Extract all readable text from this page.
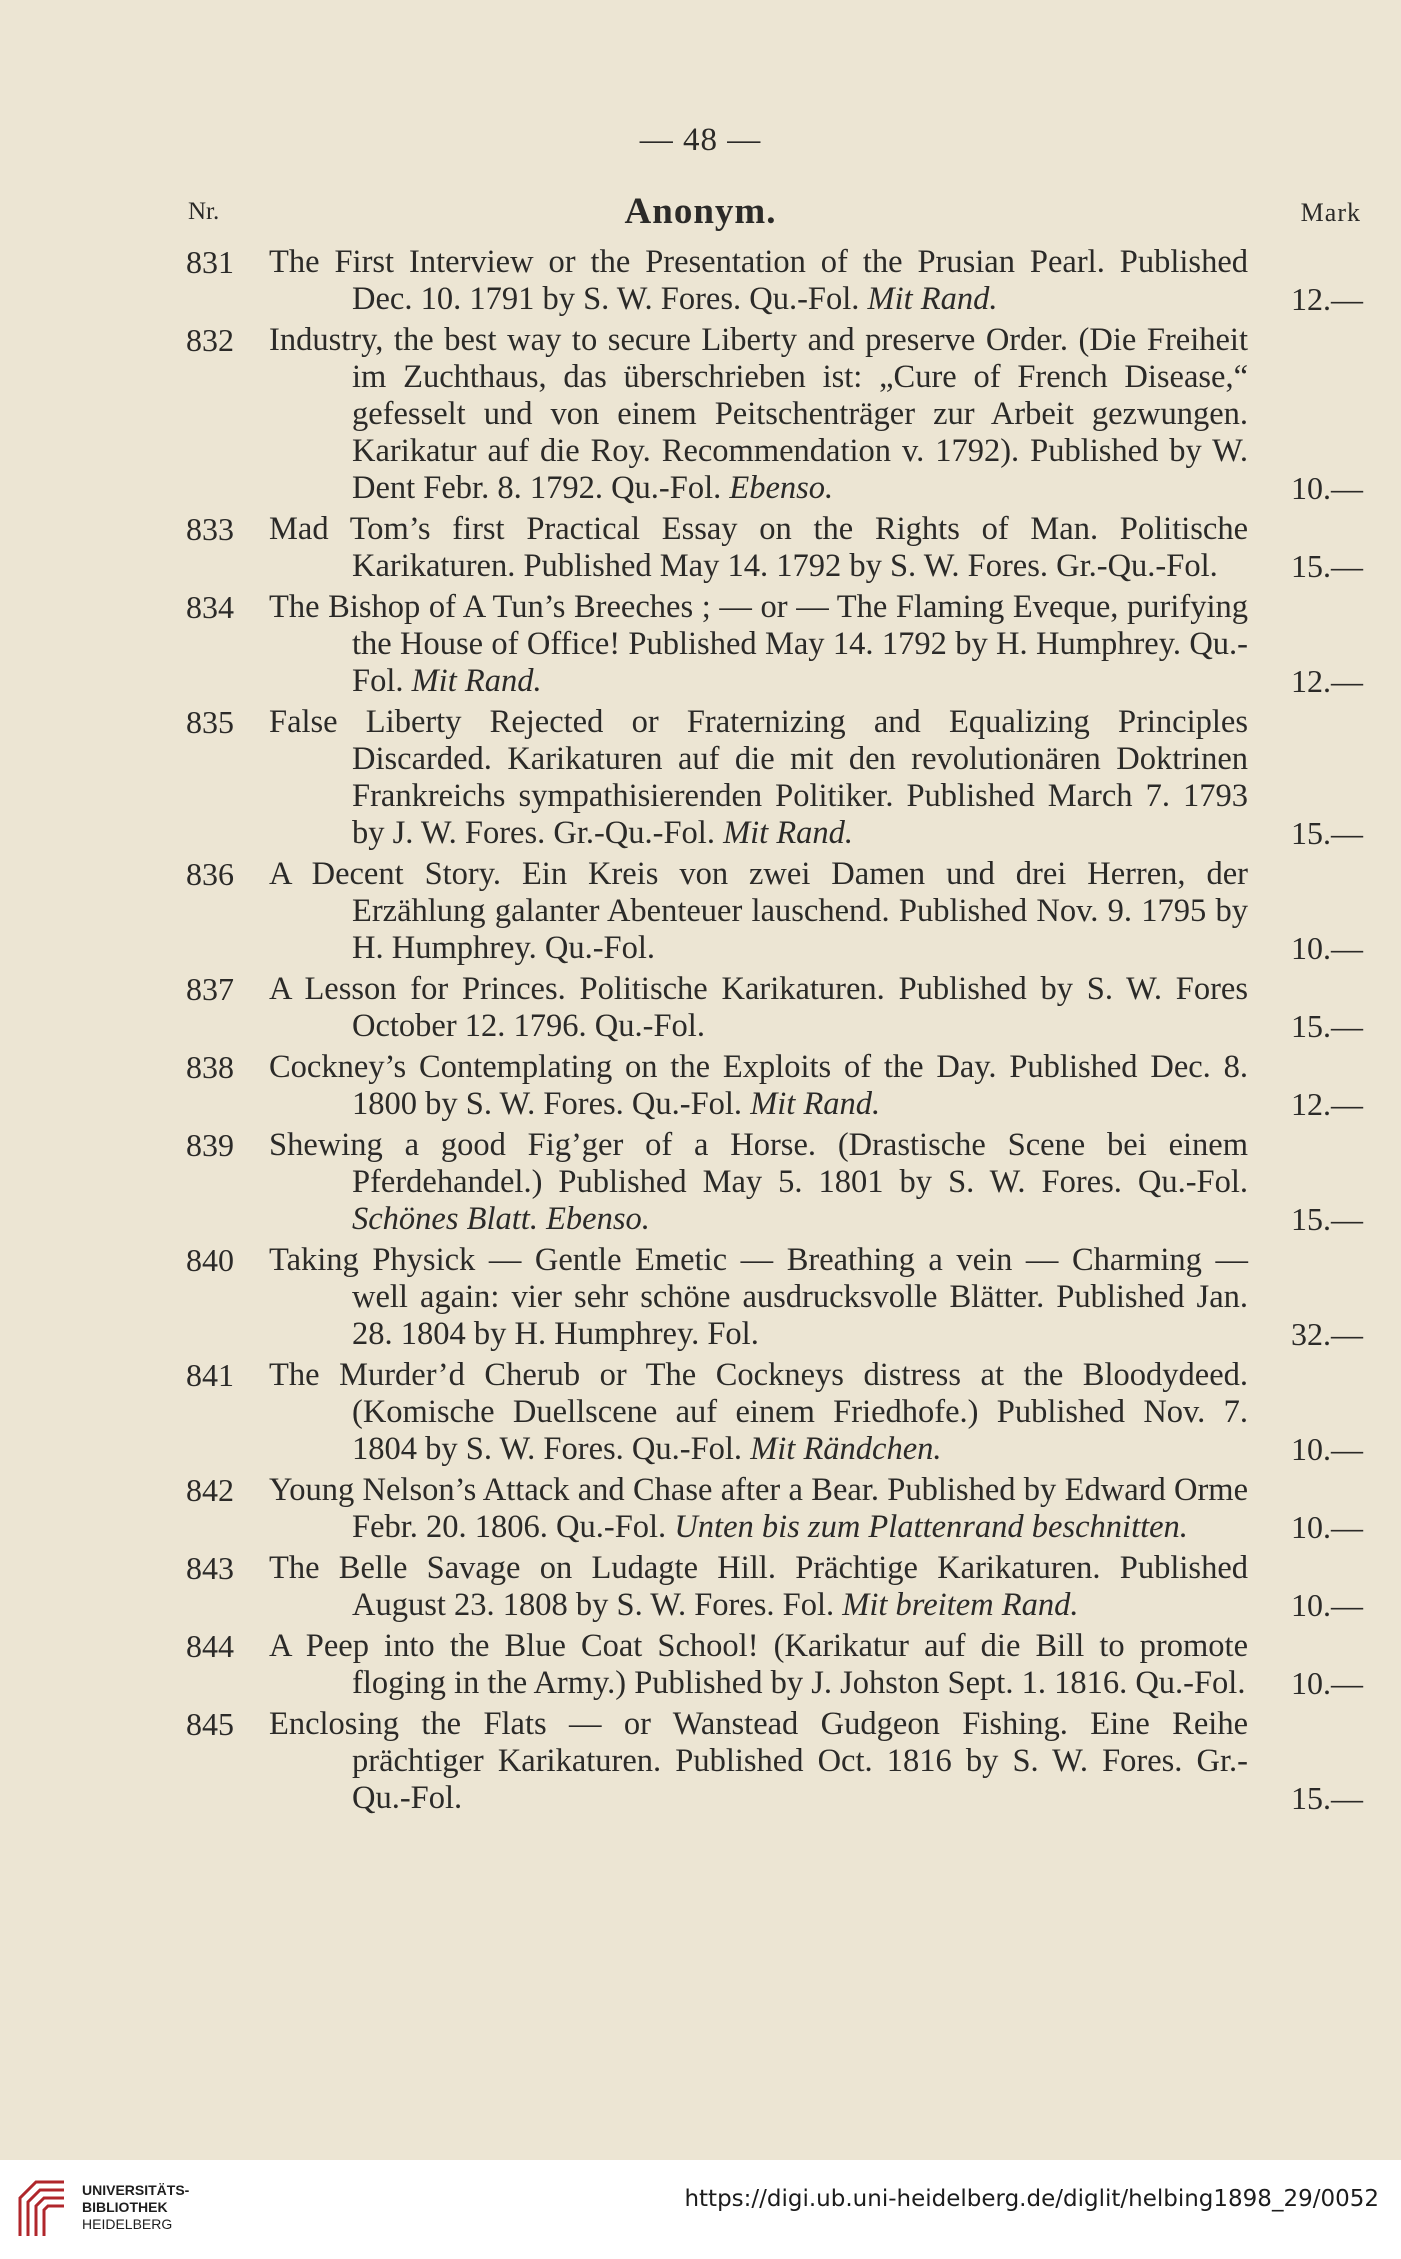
— 48 —
Nr.	Anonym.	Mark
831 The First Interview or the Presentation of the Prusian Pearl. Published Dec. 10. 1791 by S. W. Fores. Qu.-Fol. Mit Rand.	12.—
832 Industry, the best way to secure Liberty and preserve Order. (Die Freiheit im Zuchthaus, das überschrieben ist: „Cure of French Disease,“ gefesselt und von einem Peitschenträger zur Arbeit gezwungen. Karikatur auf die Roy. Recommendation v. 1792). Published by W. Dent Febr. 8. 1792. Qu.-Fol. Ebenso.	10.—
833 Mad Tom’s first Practical Essay on the Rights of Man. Politische Karikaturen. Published May 14. 1792 by S. W. Fores. Gr.-Qu.-Fol.	15.—
834 The Bishop of A Tun’s Breeches ; — or — The Flaming Eveque, purifying the House of Office! Published May 14. 1792 by H. Humphrey. Qu.-Fol. Mit Rand.	12.—
835 False Liberty Rejected or Fraternizing and Equalizing Principles Discarded. Karikaturen auf die mit den revolutionären Doktrinen Frankreichs sympathisierenden Politiker. Published March 7. 1793 by J. W. Fores. Gr.-Qu.-Fol. Mit Rand.	15.—
836 A Decent Story. Ein Kreis von zwei Damen und drei Herren, der Erzählung galanter Abenteuer lauschend. Published Nov. 9. 1795 by H. Humphrey. Qu.-Fol.	10.—
837 A Lesson for Princes. Politische Karikaturen. Published by S. W. Fores October 12. 1796. Qu.-Fol.	15.—
838 Cockney’s Contemplating on the Exploits of the Day. Published Dec. 8. 1800 by S. W. Fores. Qu.-Fol. Mit Rand.	12.—
839 Shewing a good Fig’ger of a Horse. (Drastische Scene bei einem Pferdehandel.) Published May 5. 1801 by S. W. Fores. Qu.-Fol. Schönes Blatt. Ebenso.	15.—
840 Taking Physick — Gentle Emetic — Breathing a vein — Charming — well again: vier sehr schöne ausdrucksvolle Blätter. Published Jan. 28. 1804 by H. Humphrey. Fol.	32.—
841 The Murder’d Cherub or The Cockneys distress at the Bloodydeed. (Komische Duellscene auf einem Friedhofe.) Published Nov. 7. 1804 by S. W. Fores. Qu.-Fol. Mit Rändchen.	10.—
842 Young Nelson’s Attack and Chase after a Bear. Published by Edward Orme Febr. 20. 1806. Qu.-Fol. Unten bis zum Plattenrand beschnitten.	10.—
843 The Belle Savage on Ludagte Hill. Prächtige Karikaturen. Published August 23. 1808 by S. W. Fores. Fol. Mit breitem Rand.	10.—
844 A Peep into the Blue Coat School! (Karikatur auf die Bill to promote floging in the Army.) Published by J. Johston Sept. 1. 1816. Qu.-Fol. 10.—
845 Enclosing the Flats — or Wanstead Gudgeon Fishing. Eine Reihe prächtiger Karikaturen. Published Oct. 1816 by S. W. Fores. Gr.-Qu.-Fol.	15.—
UNIVERSITÄTS-
BIBLIOTHEK
HEIDELBERG
https://digi.ub.uni-heidelberg.de/diglit/helbing1898_29/0052
